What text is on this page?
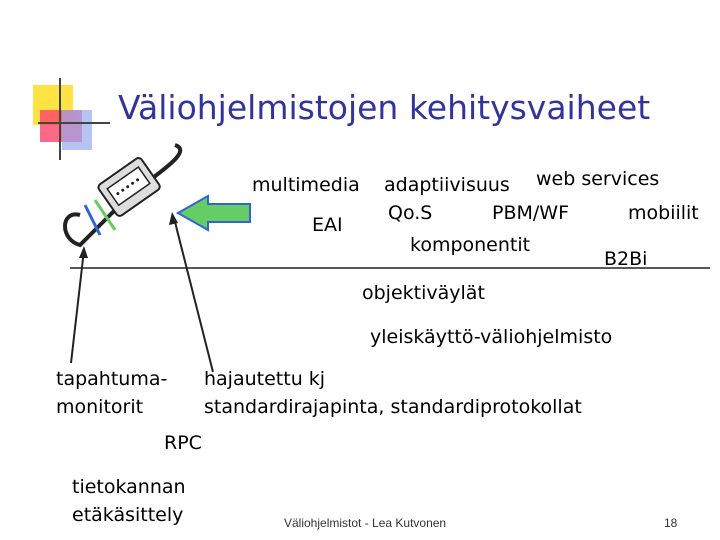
Väliohjelmistojen kehitysvaiheet
multimedia adaptiivisuus web services
EAI
Qo.S	PBM/WF	mobiilit
komponentit
B2Bi
objektiväylät
yleiskäyttö-väliohjelmisto
tapahtuma-
monitorit
hajautettu kj
standardirajapinta, standardiprotokollat
RPC
tietokannan
etäkäsittely	Väliohjelmistot - Lea Kutvonen	18
